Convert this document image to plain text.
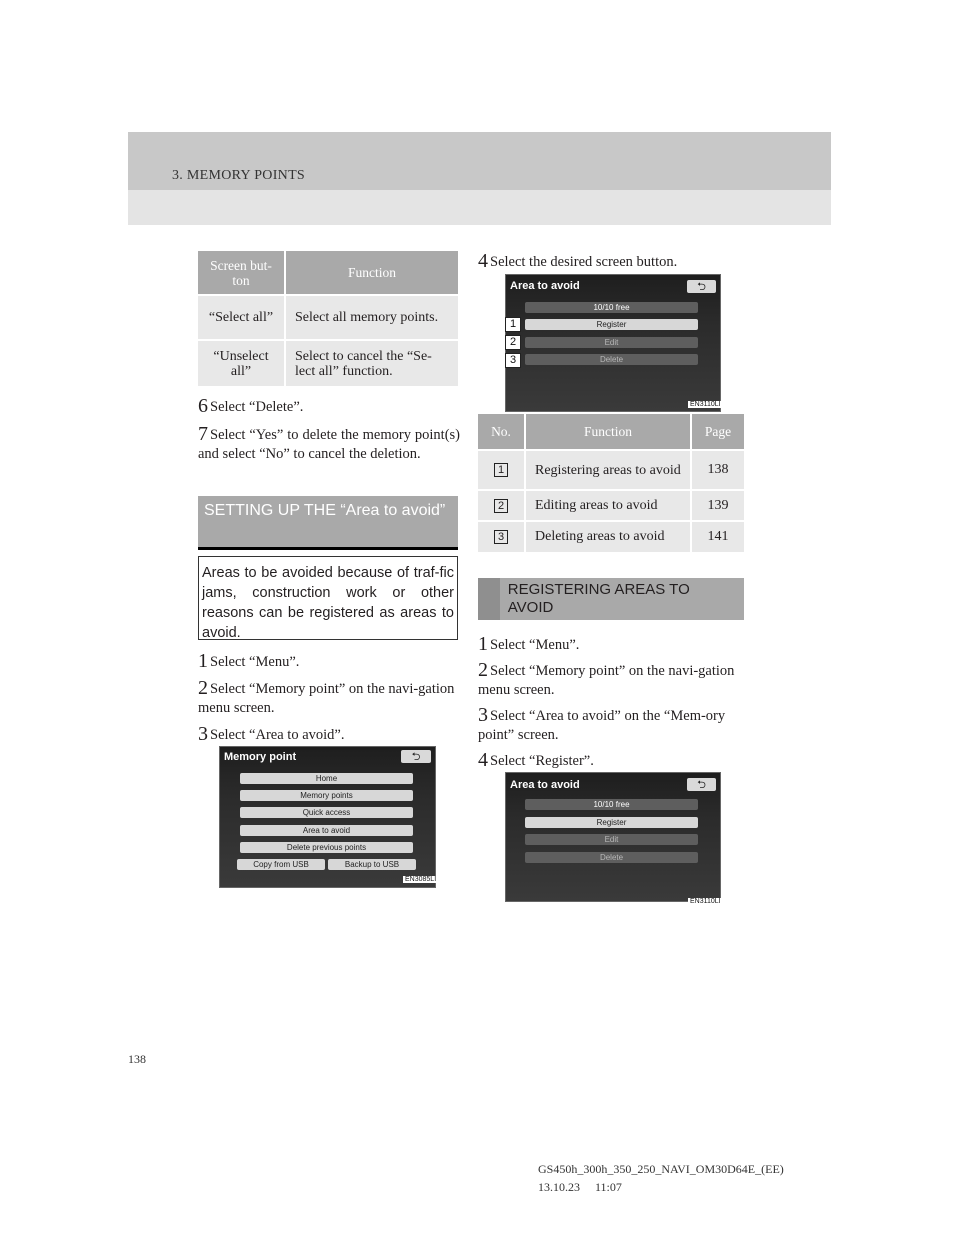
3. MEMORY POINTS
Screen but-
ton	Function
“Select all”	Select all memory points.
“Unselect all”	Select to cancel the “Se-lect all” function.
6 Select “Delete”.
7 Select “Yes” to delete the memory point(s) and select “No” to cancel the deletion.
SETTING UP THE “Area to avoid”
Areas to be avoided because of traf-fic jams, construction work or other reasons can be registered as areas to avoid.
1 Select “Menu”.
2 Select “Memory point” on the navi-gation menu screen.
3 Select “Area to avoid”.
Memory point	⮌
Home
Memory points
Quick access
Area to avoid
Delete previous points
Copy from USB	Backup to USB
EN3085LI
4 Select the desired screen button.
Area to avoid	⮌
10/10 free
Register
Edit
Delete
1
2
3
EN3110LI
No.	Function	Page
1	Registering areas to avoid	138
2	Editing areas to avoid	139
3	Deleting areas to avoid	141
REGISTERING AREAS TO AVOID
1 Select “Menu”.
2 Select “Memory point” on the navi-gation menu screen.
3 Select “Area to avoid” on the “Mem-ory point” screen.
4 Select “Register”.
Area to avoid	⮌
10/10 free
Register
Edit
Delete
EN3110LI
138
GS450h_300h_350_250_NAVI_OM30D64E_(EE)
13.10.23     11:07
